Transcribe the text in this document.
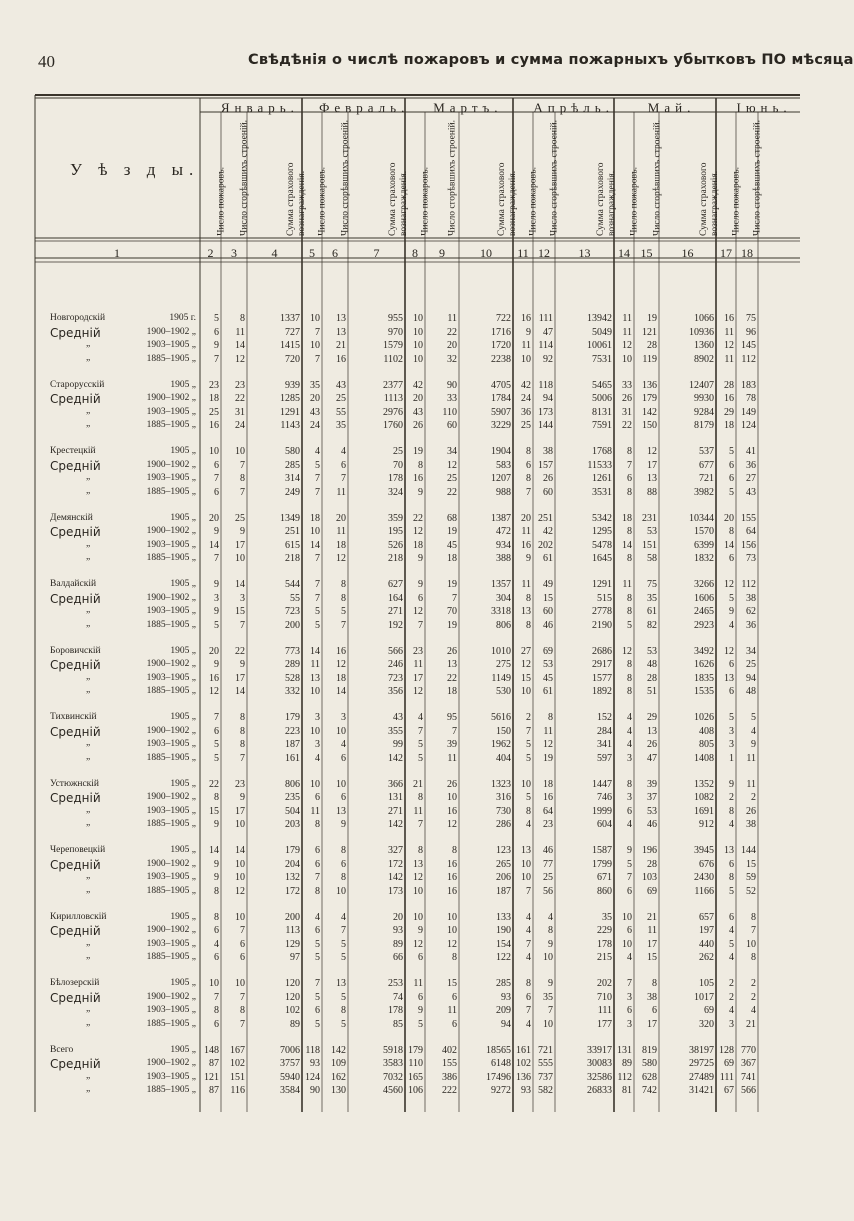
40	Свѣдѣнія о числѣ пожаровъ и сумма пожарныхъ убытковъ ПО мѣсяца
Январь. Февраль. Мартъ. Апрѣль.	Май.	Іюнь.
У ѣ з д ы. Число пожаровъ. Число сгорѣвшихъ строеній.	Сумма страхового вознагражденія. Число пожаровъ. Число сгорѣвшихъ строеній.	Сумма страхового вознагражденія. Число пожаровъ. Число сгорѣвшихъ строеній.	Сумма страхового вознагражденія. Число пожаровъ. Число сгорѣвшихъ строеній.	Сумма страхового вознагражденія. Число пожаровъ. Число сгорѣвшихъ строеній.	Сумма страхового вознагражденія. Число пожаровъ. Число сгорѣвшихъ строеній.
1	2	3	4	5	6	7	8	9	10	11 12	13	14 15	16	17 18
Новгородскій	1905 г. 5 8	1337 10 13	955 10 11	722 16 111	13942 11 19	1066 16 75
Средній	1900–1902 „ 6 11	727 7 13	970 10 22	1716 9 47	5049 11 121	10936 11 96
„	1903–1905 „ 9 14	1415 10 21	1579 10 20	1720 11 114	10061 12 28	1360 12 145
„	1885–1905 „ 7 12	720 7 16	1102 10 32	2238 10 92	7531 10 119	8902 11 112
Старорусскій	1905 „ 23 23	939 35 43	2377 42 90	4705 42 118	5465 33 136	12407 28 183
Средній	1900–1902 „ 18 22	1285 20 25	1113 20 33	1784 24 94	5006 26 179	9930 16 78
„	1903–1905 „ 25 31	1291 43 55	2976 43 110	5907 36 173	8131 31 142	9284 29 149
„	1885–1905 „ 16 24	1143 24 35	1760 26 60	3229 25 144	7591 22 150	8179 18 124
Крестецкій	1905 „ 10 10	580 4 4	25 19 34	1904 8 38	1768 8 12	537 5 41
Средній	1900–1902 „ 6 7	285 5 6	70 8 12	583 6 157	11533 7 17	677 6 36
„	1903–1905 „ 7 8	314 7 7	178 16 25	1207 8 26	1261 6 13	721 6 27
„	1885–1905 „ 6 7	249 7 11	324 9 22	988 7 60	3531 8 88	3982 5 43
Демянскій	1905 „ 20 25	1349 18 20	359 22 68	1387 20 251	5342 18 231	10344 20 155
Средній	1900–1902 „ 9 9	251 10 11	195 12 19	472 11 42	1295 8 53	1570 8 64
„	1903–1905 „ 14 17	615 14 18	526 18 45	934 16 202	5478 14 151	6399 14 156
„	1885–1905 „ 7 10	218 7 12	218 9 18	388 9 61	1645 8 58	1832 6 73
Валдайскій	1905 „ 9 14	544 7 8	627 9 19	1357 11 49	1291 11 75	3266 12 112
Средній	1900–1902 „ 3 3	55 7 8	164 6	7	304 8 15	515 8 35	1606 5 38
„	1903–1905 „ 9 15	723 5 5	271 12 70	3318 13 60	2778 8 61	2465 9 62
„	1885–1905 „ 5 7	200 5 7	192 7 19	806 8 46	2190 5 82	2923 4 36
Боровичскій	1905 „ 20 22	773 14 16	566 23 26	1010 27 69	2686 12 53	3492 12 34
Средній	1900–1902 „ 9 9	289 11 12	246 11 13	275 12 53	2917 8 48	1626 6 25
„	1903–1905 „ 16 17	528 13 18	723 17 22	1149 15 45	1577 8 28	1835 13 94
„	1885–1905 „ 12 14	332 10 14	356 12 18	530 10 61	1892 8 51	1535 6 48
Тихвинскій	1905 „ 7 8	179 3 3	43 4 95	5616 2 8	152 4 29	1026 5 5
Средній	1900–1902 „ 6 8	223 10 10	355 7	7	150 7 11	284 4 13	408 3 4
„	1903–1905 „ 5 8	187 3 4	99 5 39	1962 5 12	341 4 26	805 3 9
„	1885–1905 „ 5 7	161 4 6	142 5 11	404 5 19	597 3 47	1408 1 11
Устюжнскій	1905 „ 22 23	806 10 10	366 21 26	1323 10 18	1447 8 39	1352 9 11
Средній	1900–1902 „ 8 9	235 6 6	131 8 10	316 5 16	746 3 37	1082 2 2
„	1903–1905 „ 15 17	504 11 13	271 11 16	730 8 64	1999 6 53	1691 8 26
„	1885–1905 „ 9 10	203 8 9	142 7 12	286 4 23	604 4 46	912 4 38
Череповецкій	1905 „ 14 14	179 6 8	327 8	8	123 13 46	1587 9 196	3945 13 144
Средній	1900–1902 „ 9 10	204 6 6	172 13 16	265 10 77	1799 5 28	676 6 15
„	1903–1905 „ 9 10	132 7 8	142 12 16	206 10 25	671 7 103	2430 8 59
„	1885–1905 „ 8 12	172 8 10	173 10 16	187 7 56	860 6 69	1166 5 52
Кирилловскій	1905 „ 8 10	200 4 4	20 10 10	133 4 4	35 10 21	657 6 8
Средній	1900–1902 „ 6 7	113 6 7	93 9 10	190 4 8	229 6 11	197 4 7
„	1903–1905 „ 4 6	129 5 5	89 12 12	154 7 9	178 10 17	440 5 10
„	1885–1905 „ 6 6	97 5 5	66 6	8	122 4 10	215 4 15	262 4 8
Бѣлозерскій	1905 „ 10 10	120 7 13	253 11 15	285 8 9	202 7 8	105 2 2
Средній	1900–1902 „ 7 7	120 5 5	74 6	6	93 6 35	710 3 38	1017 2 2
„	1903–1905 „ 8 8	102 6 8	178 9 11	209 7 7	111 6 6	69 4 4
„	1885–1905 „ 6 7	89 5 5	85 5	6	94 4 10	177 3 17	320 3 21
Всего	1905 „ 148 167	7006 118 142	5918 179 402	18565 161 721	33917 131 819	38197 128 770
Средній	1900–1902 „ 87 102	3757 93 109	3583 110 155	6148 102 555	30083 89 580	29725 69 367
„	1903–1905 „ 121 151	5940 124 162	7032 165 386	17496 136 737	32586 112 628	27489 111 741
„	1885–1905 „ 87 116	3584 90 130	4560 106 222	9272 93 582	26833 81 742	31421 67 566
